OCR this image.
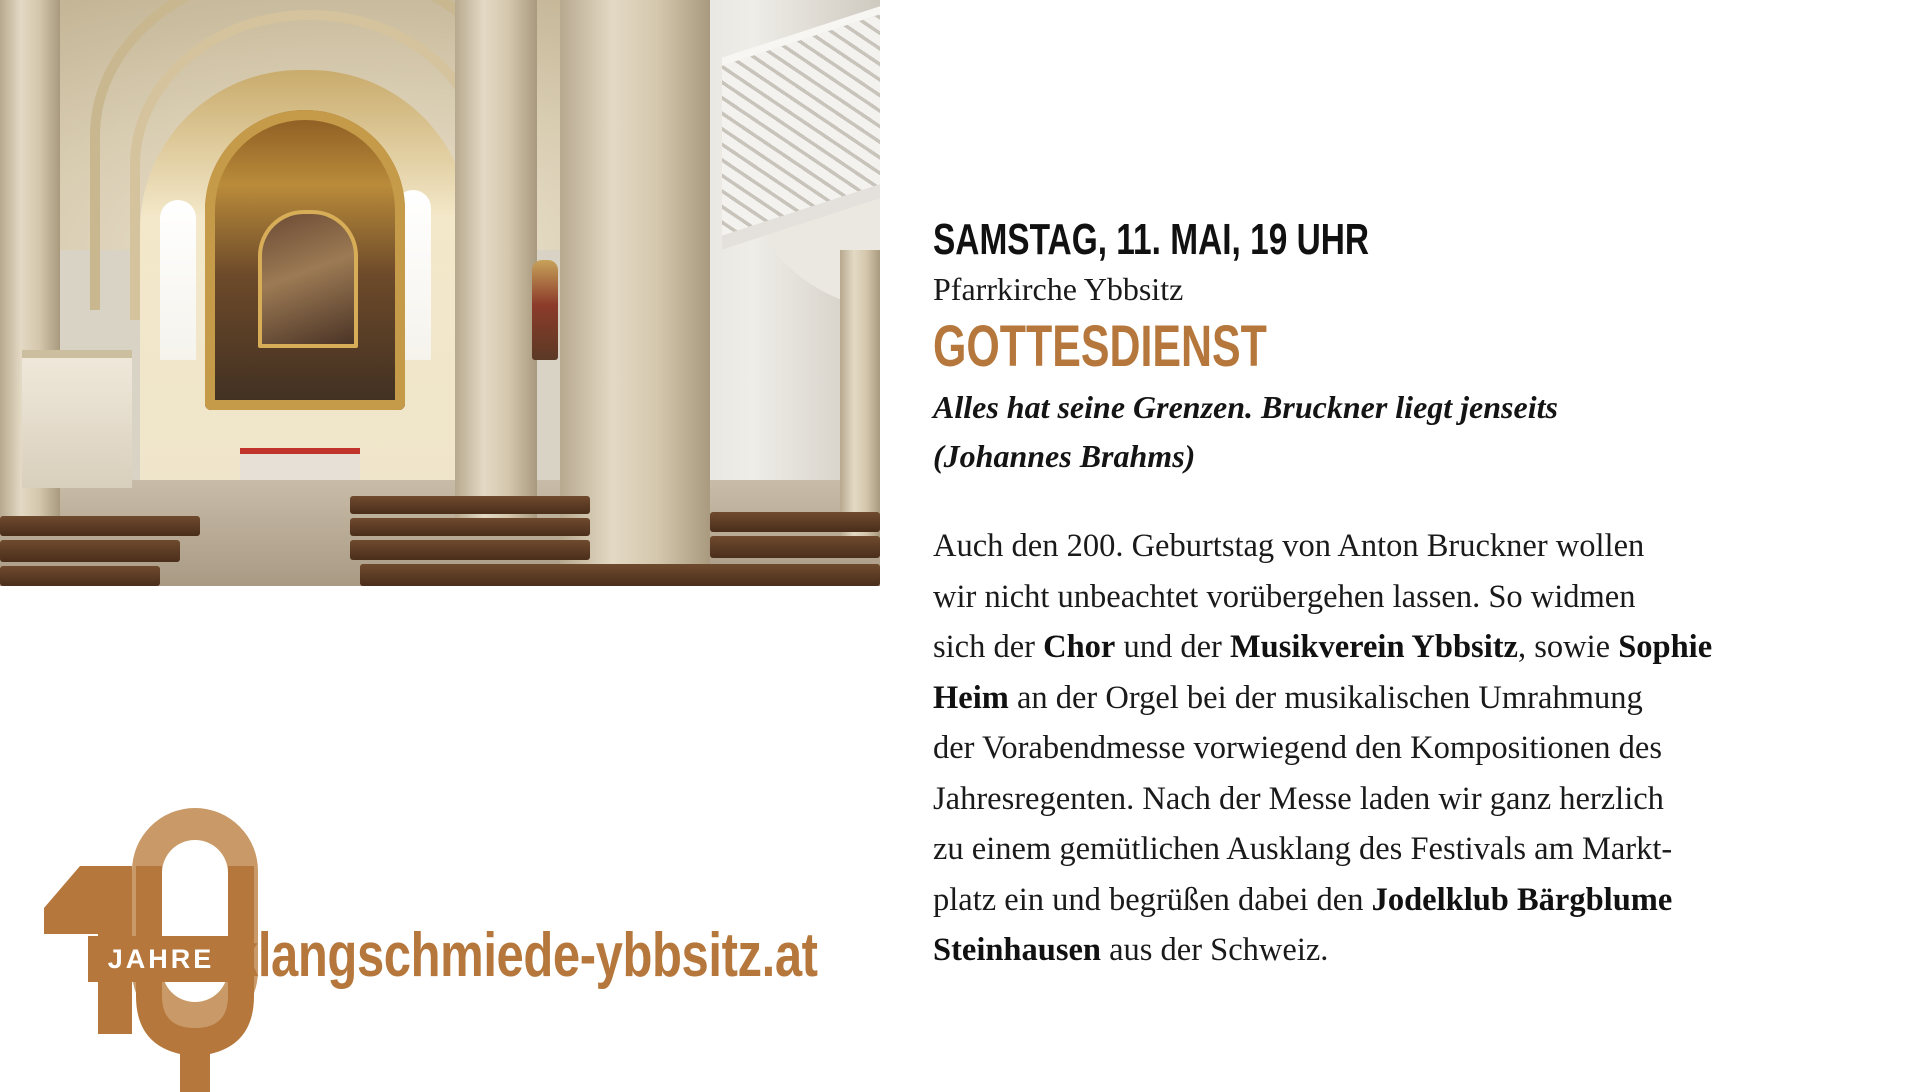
JAHRE klangschmiede-ybbsitz.at
SAMSTAG, 11. MAI, 19 UHR
Pfarrkirche Ybbsitz
GOTTESDIENST
Alles hat seine Grenzen. Bruckner liegt jenseits
(Johannes Brahms)
Auch den 200. Geburtstag von Anton Bruckner wollen
wir nicht unbeachtet vorübergehen lassen. So widmen
sich der Chor und der Musikverein Ybbsitz, sowie Sophie
Heim an der Orgel bei der musikalischen Umrahmung
der Vorabendmesse vorwiegend den Kompositionen des
Jahresregenten. Nach der Messe laden wir ganz herzlich
zu einem gemütlichen Ausklang des Festivals am Markt-
platz ein und begrüßen dabei den Jodelklub Bärgblume
Steinhausen aus der Schweiz.
